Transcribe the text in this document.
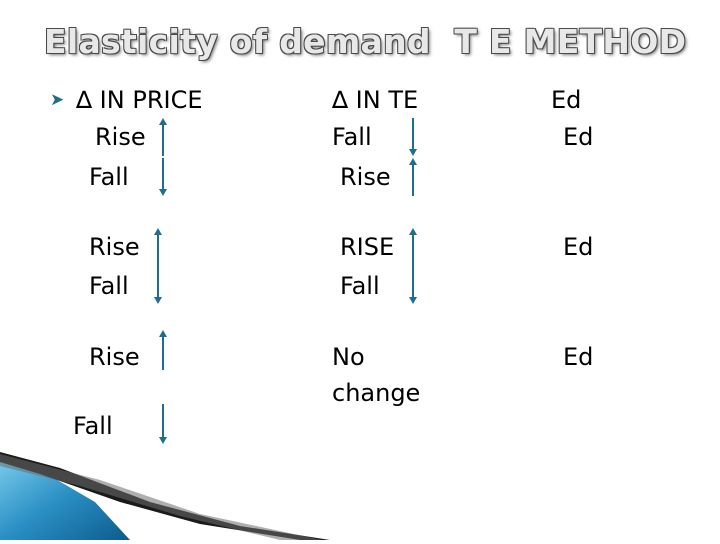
Elasticity of demand  T E METHOD
➤ ∆ IN PRICE	∆ IN TE	Ed
Rise
Fall
Fall
Rise
Ed
Rise
Fall
RISE
Fall
Ed
Rise
Fall
No
change
Ed
